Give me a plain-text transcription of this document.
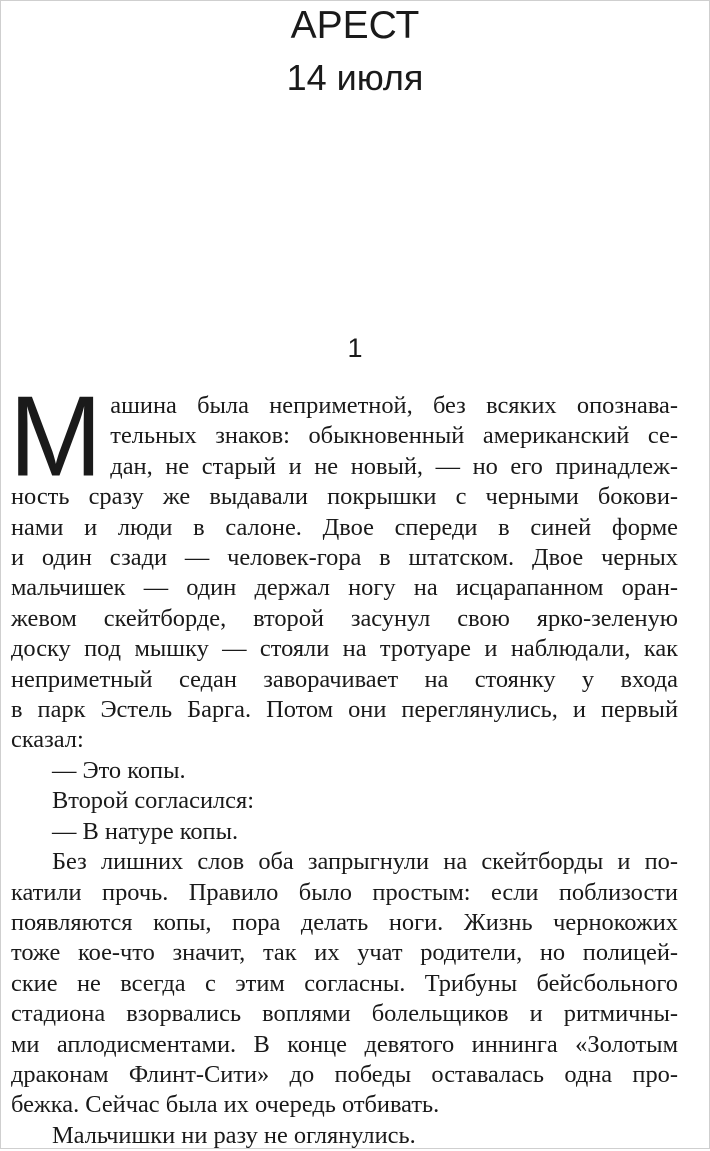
АРЕСТ
14 июля
1

М ашина была неприметной, без всяких опознава-
тельных знаков: обыкновенный американский се-
дан, не старый и не новый, — но его принадлеж-
ность сразу же выдавали покрышки с черными бокови-
нами и люди в салоне. Двое спереди в синей форме
и один сзади — человек-гора в штатском. Двое черных
мальчишек — один держал ногу на исцарапанном оран-
жевом скейтборде, второй засунул свою ярко-зеленую
доску под мышку — стояли на тротуаре и наблюдали, как
неприметный седан заворачивает на стоянку у входа
в парк Эстель Барга. Потом они переглянулись, и первый
сказал:

— Это копы.

Второй согласился:

— В натуре копы.

Без лишних слов оба запрыгнули на скейтборды и по-
катили прочь. Правило было простым: если поблизости
появляются копы, пора делать ноги. Жизнь чернокожих
тоже кое-что значит, так их учат родители, но полицей-
ские не всегда с этим согласны. Трибуны бейсбольного
стадиона взорвались воплями болельщиков и ритмичны-
ми аплодисментами. В конце девятого иннинга «Золотым
драконам Флинт-Сити» до победы оставалась одна про-
бежка. Сейчас была их очередь отбивать.

Мальчишки ни разу не оглянулись.
